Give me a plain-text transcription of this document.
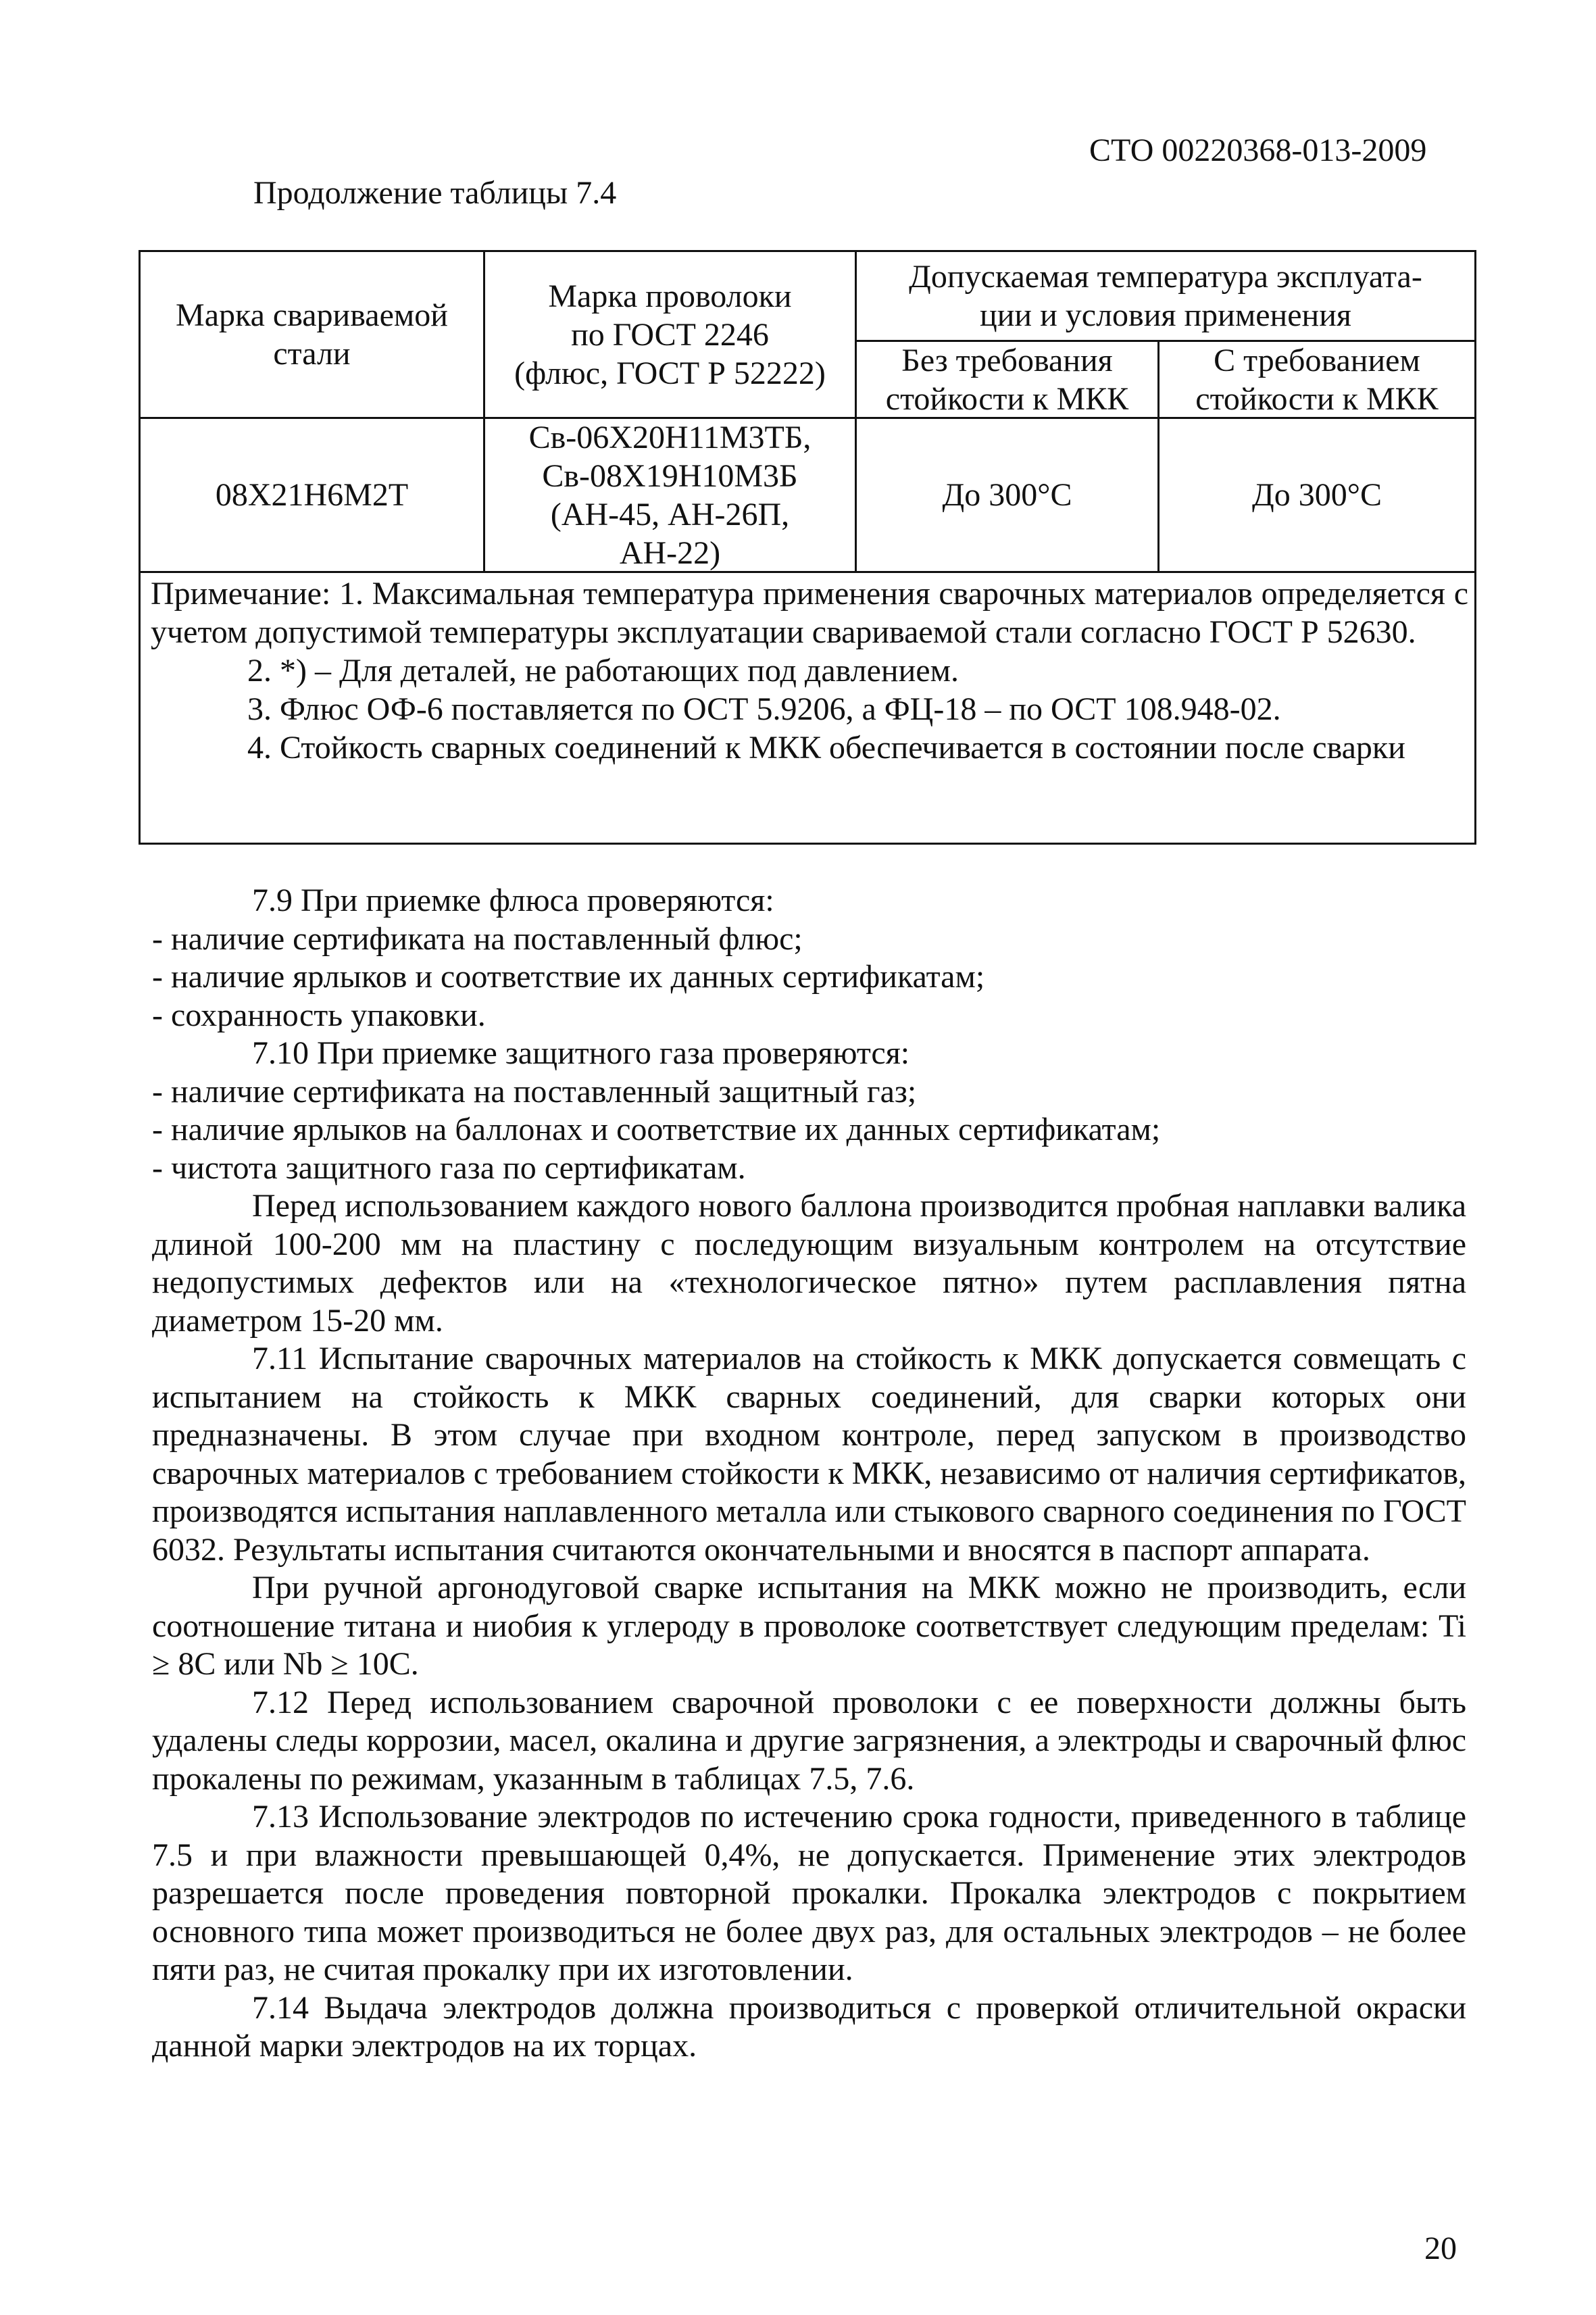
СТО 00220368-013-2009
Продолжение таблицы 7.4
Марка свариваемой
стали
Марка проволоки
по ГОСТ 2246
(флюс, ГОСТ Р 52222)
Допускаемая температура эксплуата-
ции и условия применения
Без требования
стойкости к МКК
С требованием
стойкости к МКК
08Х21Н6М2Т
Св-06Х20Н11М3ТБ,
Св-08Х19Н10М3Б
(АН-45, АН-26П,
АН-22)
До 300°С	До 300°С

Примечание: 1. Максимальная температура применения сварочных материалов определяется с учетом допустимой температуры эксплуатации свариваемой стали согласно ГОСТ Р 52630.

2. *) – Для деталей, не работающих под давлением.

3. Флюс ОФ-6 поставляется по ОСТ 5.9206, а ФЦ-18 – по ОСТ 108.948-02.

4. Стойкость сварных соединений к МКК обеспечивается в состоянии после сварки

7.9 При приемке флюса проверяются:

- наличие сертификата на поставленный флюс;

- наличие ярлыков и соответствие их данных сертификатам;

- сохранность упаковки.

7.10 При приемке защитного газа проверяются:

- наличие сертификата на поставленный защитный газ;

- наличие ярлыков на баллонах и соответствие их данных сертификатам;

- чистота защитного газа по сертификатам.

Перед использованием каждого нового баллона производится пробная наплавки валика длиной 100-200 мм на пластину с последующим визуальным контролем на отсутствие недопустимых дефектов или на «технологическое пятно» путем расплавления пятна диаметром 15-20 мм.

7.11 Испытание сварочных материалов на стойкость к МКК допускается совмещать с испытанием на стойкость к МКК сварных соединений, для сварки которых они предназначены. В этом случае при входном контроле, перед запуском в производство сварочных материалов с требованием стойкости к МКК, независимо от наличия сертификатов, производятся испытания наплавленного металла или стыкового сварного соединения по ГОСТ 6032. Результаты испытания считаются окончательными и вносятся в паспорт аппарата.

При ручной аргонодуговой сварке испытания на МКК можно не производить, если соотношение титана и ниобия к углероду в проволоке соответствует следующим пределам: Ti ≥ 8C или Nb ≥ 10C.

7.12 Перед использованием сварочной проволоки с ее поверхности должны быть удалены следы коррозии, масел, окалина и другие загрязнения, а электроды и сварочный флюс прокалены по режимам, указанным в таблицах 7.5, 7.6.

7.13 Использование электродов по истечению срока годности, приведенного в таблице 7.5 и при влажности превышающей 0,4%, не допускается. Применение этих электродов разрешается после проведения повторной прокалки. Прокалка электродов с покрытием основного типа может производиться не более двух раз, для остальных электродов – не более пяти раз, не считая прокалку при их изготовлении.

7.14 Выдача электродов должна производиться с проверкой отличительной окраски данной марки электродов на их торцах.

20
